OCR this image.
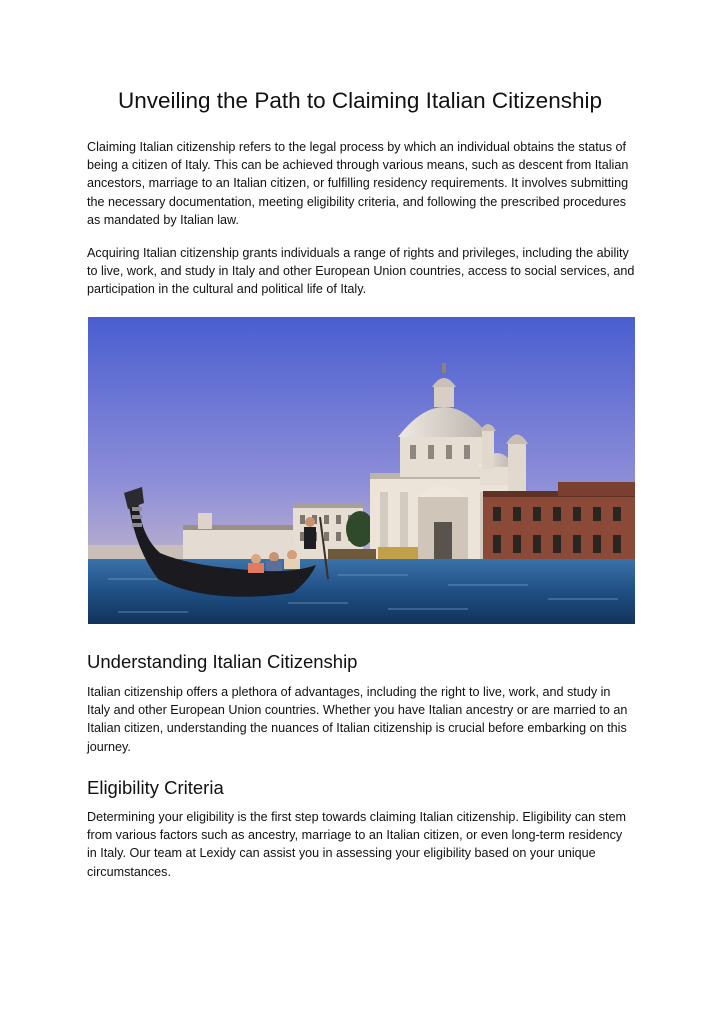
Unveiling the Path to Claiming Italian Citizenship

Claiming Italian citizenship refers to the legal process by which an individual obtains the status of being a citizen of Italy. This can be achieved through various means, such as descent from Italian ancestors, marriage to an Italian citizen, or fulfilling residency requirements. It involves submitting the necessary documentation, meeting eligibility criteria, and following the prescribed procedures as mandated by Italian law.

Acquiring Italian citizenship grants individuals a range of rights and privileges, including the ability to live, work, and study in Italy and other European Union countries, access to social services, and participation in the cultural and political life of Italy.

Understanding Italian Citizenship

Italian citizenship offers a plethora of advantages, including the right to live, work, and study in Italy and other European Union countries. Whether you have Italian ancestry or are married to an Italian citizen, understanding the nuances of Italian citizenship is crucial before embarking on this journey.

Eligibility Criteria

Determining your eligibility is the first step towards claiming Italian citizenship. Eligibility can stem from various factors such as ancestry, marriage to an Italian citizen, or even long-term residency in Italy. Our team at Lexidy can assist you in assessing your eligibility based on your unique circumstances.
